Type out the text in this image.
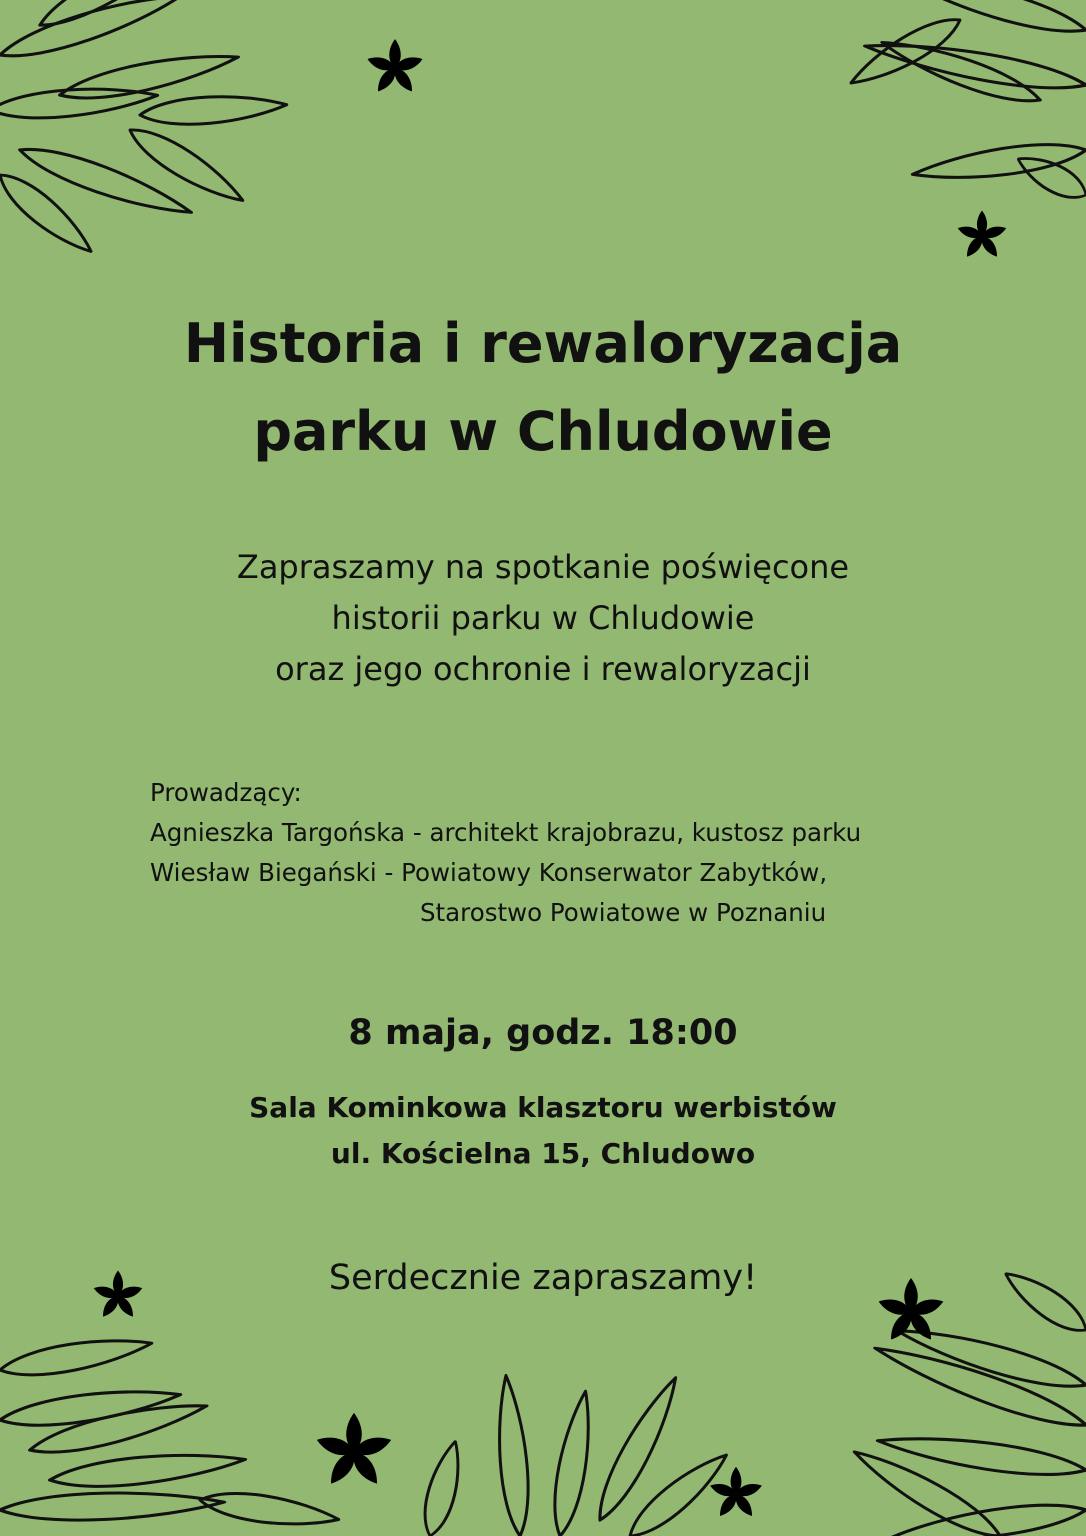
Historia i rewaloryzacja
parku w Chludowie
Zapraszamy na spotkanie poświęcone
historii parku w Chludowie
oraz jego ochronie i rewaloryzacji
Prowadzący:
Agnieszka Targońska - architekt krajobrazu, kustosz parku
Wiesław Biegański - Powiatowy Konserwator Zabytków,
Starostwo Powiatowe w Poznaniu
8 maja, godz. 18:00
Sala Kominkowa klasztoru werbistów
ul. Kościelna 15, Chludowo
Serdecznie zapraszamy!
